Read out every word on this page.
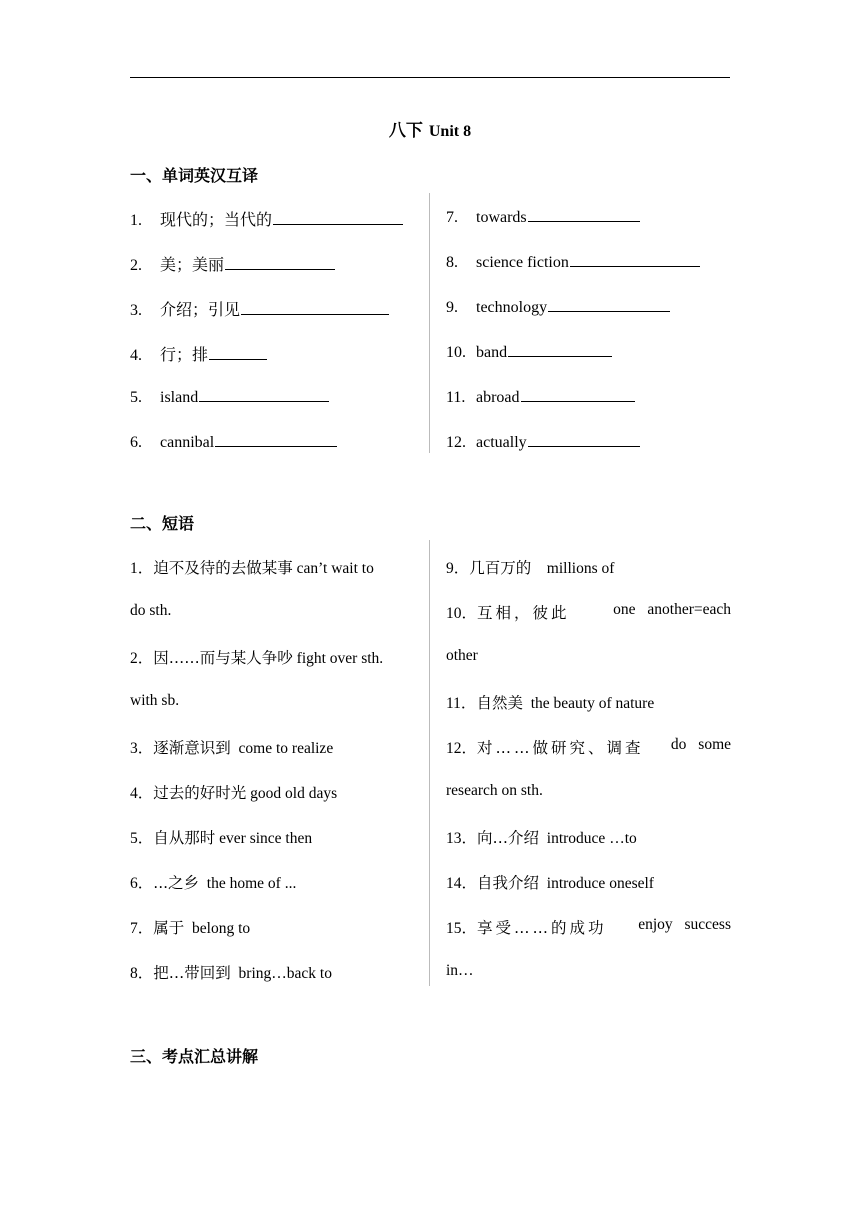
八下 Unit 8
一、单词英汉互译
1.	现代的；当代的
2.	美；美丽
3.	介绍；引见
4.	行；排
5.	island
6.	cannibal
7.	towards
8.	science fiction
9.	technology
10. band
11. abroad
12. actually
二、短语
1．迫不及待的去做某事 can’t wait to
do sth.
2．因……而与某人争吵 fight over sth.
with sb.
3．逐渐意识到  come to realize
4．过去的好时光 good old days
5．自从那时 ever since then
6．...之乡  the home of ...
7．属于  belong to
8．把…带回到  bring…back to
9．几百万的    millions of
10．互相，彼此	one another=each
other
11．自然美  the beauty of nature
12．对……做研究、调查 do some
research on sth.
13．向…介绍  introduce …to
14．自我介绍  introduce oneself
15．享受……的成功 enjoy success
in…
三、考点汇总讲解
